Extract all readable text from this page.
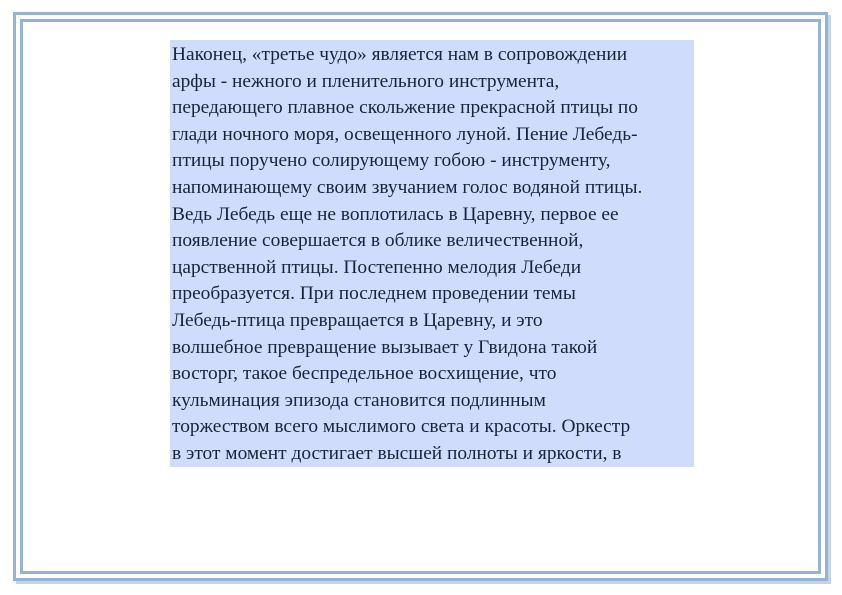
Наконец, «третье чудо» является нам в сопровождении
арфы - нежного и пленительного инструмента,
передающего плавное скольжение прекрасной птицы по
глади ночного моря, освещенного луной. Пение Лебедь-
птицы поручено солирующему гобою - инструменту,
напоминающему своим звучанием голос водяной птицы.
Ведь Лебедь еще не воплотилась в Царевну, первое ее
появление совершается в облике величественной,
царственной птицы. Постепенно мелодия Лебеди
преобразуется. При последнем проведении темы
Лебедь-птица превращается в Царевну, и это
волшебное превращение вызывает у Гвидона такой
восторг, такое беспредельное восхищение, что
кульминация эпизода становится подлинным
торжеством всего мыслимого света и красоты. Оркестр
в этот момент достигает высшей полноты и яркости, в
